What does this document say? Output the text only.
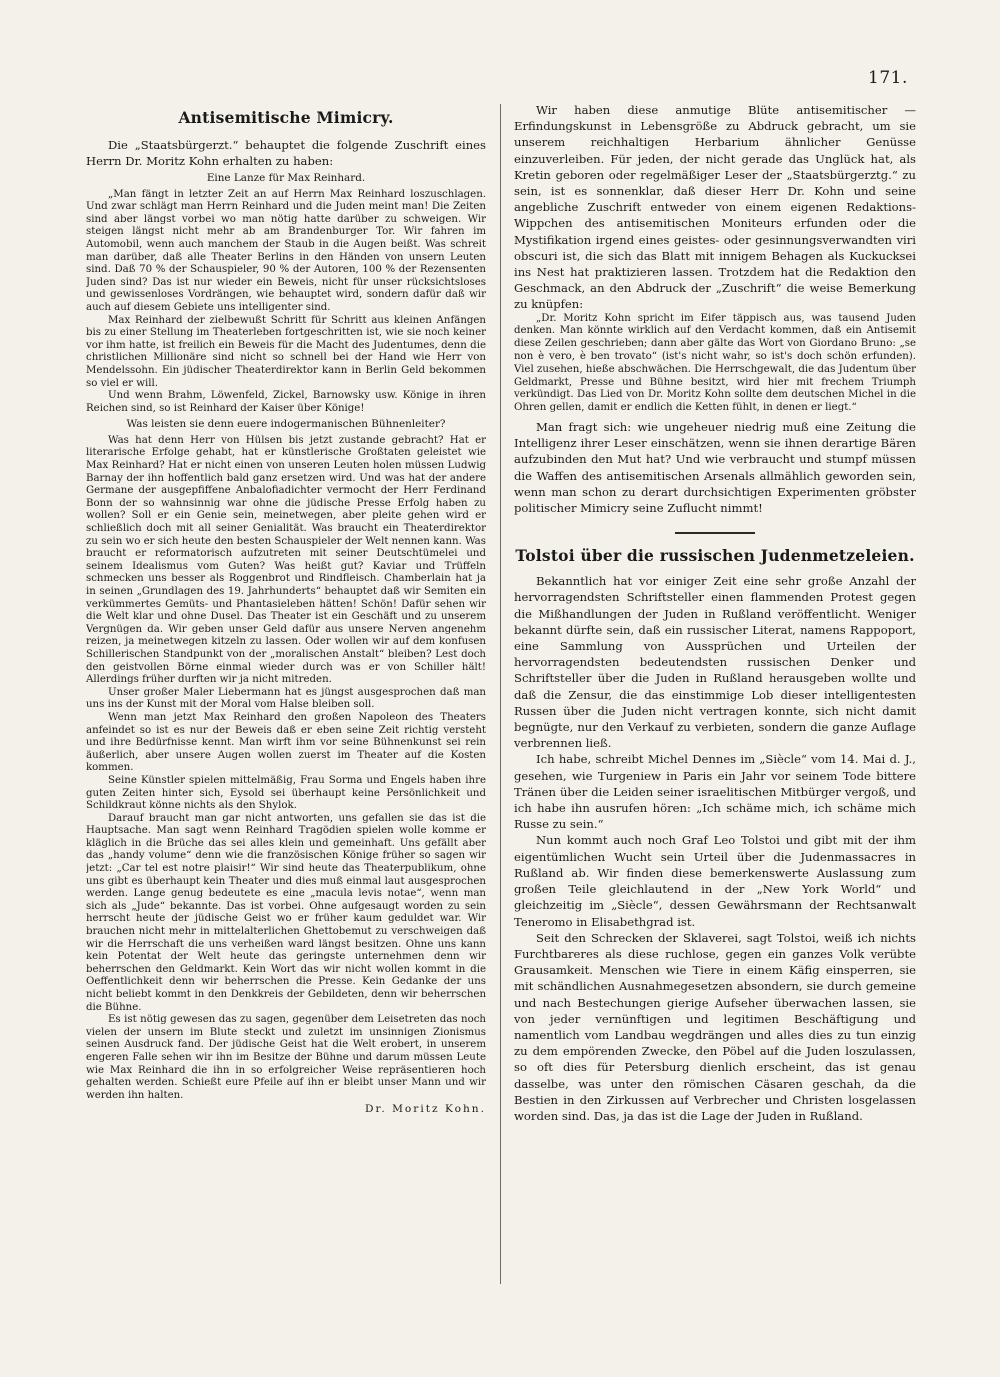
171.
Antisemitische Mimicry.

Die „Staatsbürgerzt.“ behauptet die folgende Zuschrift eines Herrn Dr. Moritz Kohn erhalten zu haben:

Eine Lanze für Max Reinhard.

„Man fängt in letzter Zeit an auf Herrn Max Reinhard loszuschlagen. Und zwar schlägt man Herrn Reinhard und die Juden meint man! Die Zeiten sind aber längst vorbei wo man nötig hatte darüber zu schweigen. Wir steigen längst nicht mehr ab am Brandenburger Tor. Wir fahren im Automobil, wenn auch manchem der Staub in die Augen beißt. Was schreit man darüber, daß alle Theater Berlins in den Händen von unsern Leuten sind. Daß 70 % der Schauspieler, 90 % der Autoren, 100 % der Rezensenten Juden sind? Das ist nur wieder ein Beweis, nicht für unser rücksichtsloses und gewissenloses Vordrängen, wie behauptet wird, sondern dafür daß wir auch auf diesem Gebiete uns intelligenter sind.

Max Reinhard der zielbewußt Schritt für Schritt aus kleinen Anfängen bis zu einer Stellung im Theaterleben fortgeschritten ist, wie sie noch keiner vor ihm hatte, ist freilich ein Beweis für die Macht des Judentumes, denn die christlichen Millionäre sind nicht so schnell bei der Hand wie Herr von Mendelssohn. Ein jüdischer Theaterdirektor kann in Berlin Geld bekommen so viel er will.

Und wenn Brahm, Löwenfeld, Zickel, Barnowsky usw. Könige in ihren Reichen sind, so ist Reinhard der Kaiser über Könige!

Was leisten sie denn euere indogermanischen Bühnenleiter?

Was hat denn Herr von Hülsen bis jetzt zustande gebracht? Hat er literarische Erfolge gehabt, hat er künstlerische Großtaten geleistet wie Max Reinhard? Hat er nicht einen von unseren Leuten holen müssen Ludwig Barnay der ihn hoffentlich bald ganz ersetzen wird. Und was hat der andere Germane der ausgepfiffene Anbalofiadichter vermocht der Herr Ferdinand Bonn der so wahnsinnig war ohne die jüdische Presse Erfolg haben zu wollen? Soll er ein Genie sein, meinetwegen, aber pleite gehen wird er schließlich doch mit all seiner Genialität. Was braucht ein Theaterdirektor zu sein wo er sich heute den besten Schauspieler der Welt nennen kann. Was braucht er reformatorisch aufzutreten mit seiner Deutschtümelei und seinem Idealismus vom Guten? Was heißt gut? Kaviar und Trüffeln schmecken uns besser als Roggenbrot und Rindfleisch. Chamberlain hat ja in seinen „Grundlagen des 19. Jahrhunderts“ behauptet daß wir Semiten ein verkümmertes Gemüts- und Phantasieleben hätten! Schön! Dafür sehen wir die Welt klar und ohne Dusel. Das Theater ist ein Geschäft und zu unserem Vergnügen da. Wir geben unser Geld dafür aus unsere Nerven angenehm reizen, ja meinetwegen kitzeln zu lassen. Oder wollen wir auf dem konfusen Schillerischen Standpunkt von der „moralischen Anstalt“ bleiben? Lest doch den geistvollen Börne einmal wieder durch was er von Schiller hält! Allerdings früher durften wir ja nicht mitreden.

Unser großer Maler Liebermann hat es jüngst ausgesprochen daß man uns ins der Kunst mit der Moral vom Halse bleiben soll.

Wenn man jetzt Max Reinhard den großen Napoleon des Theaters anfeindet so ist es nur der Beweis daß er eben seine Zeit richtig versteht und ihre Bedürfnisse kennt. Man wirft ihm vor seine Bühnenkunst sei rein äußerlich, aber unsere Augen wollen zuerst im Theater auf die Kosten kommen.

Seine Künstler spielen mittelmäßig, Frau Sorma und Engels haben ihre guten Zeiten hinter sich, Eysold sei überhaupt keine Persönlichkeit und Schildkraut könne nichts als den Shylok.

Darauf braucht man gar nicht antworten, uns gefallen sie das ist die Hauptsache. Man sagt wenn Reinhard Tragödien spielen wolle komme er kläglich in die Brüche das sei alles klein und gemeinhaft. Uns gefällt aber das „handy volume“ denn wie die französischen Könige früher so sagen wir jetzt: „Car tel est notre plaisir!“ Wir sind heute das Theaterpublikum, ohne uns gibt es überhaupt kein Theater und dies muß einmal laut ausgesprochen werden. Lange genug bedeutete es eine „macula levis notae“, wenn man sich als „Jude“ bekannte. Das ist vorbei. Ohne aufgesaugt worden zu sein herrscht heute der jüdische Geist wo er früher kaum geduldet war. Wir brauchen nicht mehr in mittelalterlichen Ghettobemut zu verschweigen daß wir die Herrschaft die uns verheißen ward längst besitzen. Ohne uns kann kein Potentat der Welt heute das geringste unternehmen denn wir beherrschen den Geldmarkt. Kein Wort das wir nicht wollen kommt in die Oeffentlichkeit denn wir beherrschen die Presse. Kein Gedanke der uns nicht beliebt kommt in den Denkkreis der Gebildeten, denn wir beherrschen die Bühne.

Es ist nötig gewesen das zu sagen, gegenüber dem Leisetreten das noch vielen der unsern im Blute steckt und zuletzt im unsinnigen Zionismus seinen Ausdruck fand. Der jüdische Geist hat die Welt erobert, in unserem engeren Falle sehen wir ihn im Besitze der Bühne und darum müssen Leute wie Max Reinhard die ihn in so erfolgreicher Weise repräsentieren hoch gehalten werden. Schießt eure Pfeile auf ihn er bleibt unser Mann und wir werden ihn halten.

Dr. Moritz Kohn.

Wir haben diese anmutige Blüte antisemitischer — Erfindungskunst in Lebensgröße zu Abdruck gebracht, um sie unserem reichhaltigen Herbarium ähnlicher Genüsse einzuverleiben. Für jeden, der nicht gerade das Unglück hat, als Kretin geboren oder regelmäßiger Leser der „Staatsbürgerztg.“ zu sein, ist es sonnenklar, daß dieser Herr Dr. Kohn und seine angebliche Zuschrift entweder von einem eigenen Redaktions-Wippchen des antisemitischen Moniteurs erfunden oder die Mystifikation irgend eines geistes- oder gesinnungsverwandten viri obscuri ist, die sich das Blatt mit innigem Behagen als Kuckucksei ins Nest hat praktizieren lassen. Trotzdem hat die Redaktion den Geschmack, an den Abdruck der „Zuschrift“ die weise Bemerkung zu knüpfen:

„Dr. Moritz Kohn spricht im Eifer täppisch aus, was tausend Juden denken. Man könnte wirklich auf den Verdacht kommen, daß ein Antisemit diese Zeilen geschrieben; dann aber gälte das Wort von Giordano Bruno: „se non è vero, è ben trovato“ (ist's nicht wahr, so ist's doch schön erfunden). Viel zusehen, hieße abschwächen. Die Herrschgewalt, die das Judentum über Geldmarkt, Presse und Bühne besitzt, wird hier mit frechem Triumph verkündigt. Das Lied von Dr. Moritz Kohn sollte dem deutschen Michel in die Ohren gellen, damit er endlich die Ketten fühlt, in denen er liegt.“

Man fragt sich: wie ungeheuer niedrig muß eine Zeitung die Intelligenz ihrer Leser einschätzen, wenn sie ihnen derartige Bären aufzubinden den Mut hat? Und wie verbraucht und stumpf müssen die Waffen des antisemitischen Arsenals allmählich geworden sein, wenn man schon zu derart durchsichtigen Experimenten gröbster politischer Mimicry seine Zuflucht nimmt!

Tolstoi über die russischen Judenmetzeleien.

Bekanntlich hat vor einiger Zeit eine sehr große Anzahl der hervorragendsten Schriftsteller einen flammenden Protest gegen die Mißhandlungen der Juden in Rußland veröffentlicht. Weniger bekannt dürfte sein, daß ein russischer Literat, namens Rappoport, eine Sammlung von Aussprüchen und Urteilen der hervorragendsten bedeutendsten russischen Denker und Schriftsteller über die Juden in Rußland herausgeben wollte und daß die Zensur, die das einstimmige Lob dieser intelligentesten Russen über die Juden nicht vertragen konnte, sich nicht damit begnügte, nur den Verkauf zu verbieten, sondern die ganze Auflage verbrennen ließ.

Ich habe, schreibt Michel Dennes im „Siècle“ vom 14. Mai d. J., gesehen, wie Turgeniew in Paris ein Jahr vor seinem Tode bittere Tränen über die Leiden seiner israelitischen Mitbürger vergoß, und ich habe ihn ausrufen hören: „Ich schäme mich, ich schäme mich Russe zu sein.“

Nun kommt auch noch Graf Leo Tolstoi und gibt mit der ihm eigentümlichen Wucht sein Urteil über die Judenmassacres in Rußland ab. Wir finden diese bemerkenswerte Auslassung zum großen Teile gleichlautend in der „New York World“ und gleichzeitig im „Siècle“, dessen Gewährsmann der Rechtsanwalt Teneromo in Elisabethgrad ist.

Seit den Schrecken der Sklaverei, sagt Tolstoi, weiß ich nichts Furchtbareres als diese ruchlose, gegen ein ganzes Volk verübte Grausamkeit. Menschen wie Tiere in einem Käfig einsperren, sie mit schändlichen Ausnahmegesetzen absondern, sie durch gemeine und nach Bestechungen gierige Aufseher überwachen lassen, sie von jeder vernünftigen und legitimen Beschäftigung und namentlich vom Landbau wegdrängen und alles dies zu tun einzig zu dem empörenden Zwecke, den Pöbel auf die Juden loszulassen, so oft dies für Petersburg dienlich erscheint, das ist genau dasselbe, was unter den römischen Cäsaren geschah, da die Bestien in den Zirkussen auf Verbrecher und Christen losgelassen worden sind. Das, ja das ist die Lage der Juden in Rußland.
